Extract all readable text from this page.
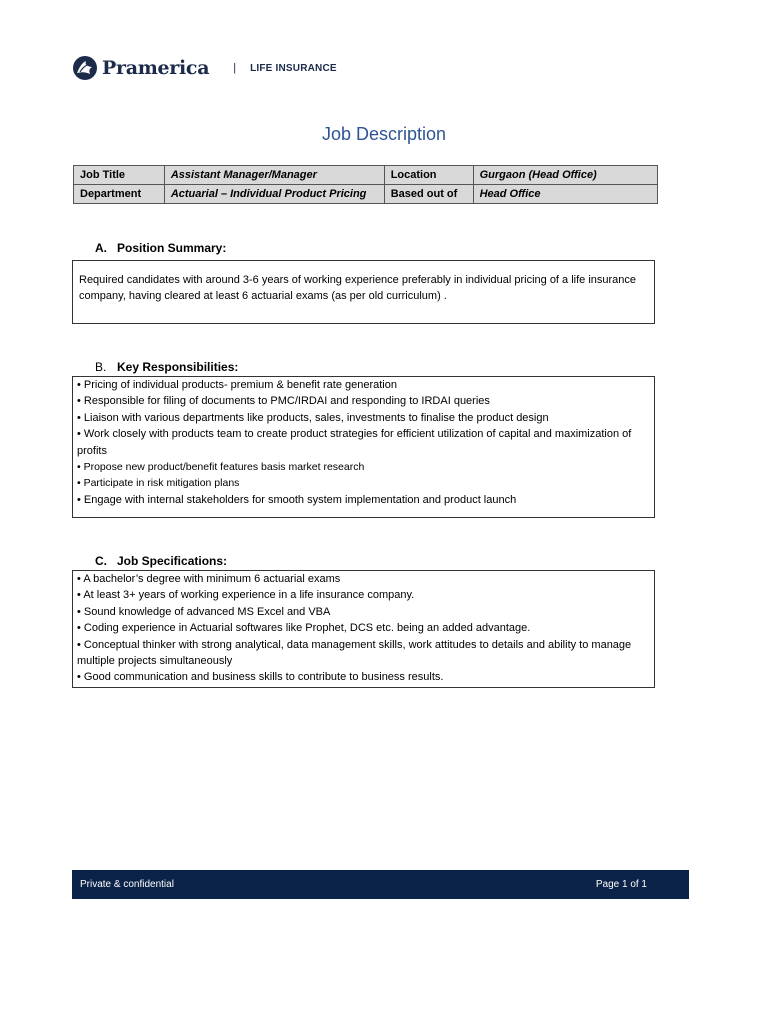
Pramerica | LIFE INSURANCE
Job Description
Job Title	Assistant Manager/Manager	Location	Gurgaon (Head Office)
Department	Actuarial – Individual Product Pricing	Based out of	Head Office
A. Position Summary:

Required candidates with around 3-6 years of working experience preferably in individual pricing of a life insurance company, having cleared at least 6 actuarial exams (as per old curriculum) .

B. Key Responsibilities:
• Pricing of individual products- premium & benefit rate generation
• Responsible for filing of documents to PMC/IRDAI and responding to IRDAI queries
• Liaison with various departments like products, sales, investments to finalise the product design
• Work closely with products team to create product strategies for efficient utilization of capital and maximization of profits
• Propose new product/benefit features basis market research
• Participate in risk mitigation plans
• Engage with internal stakeholders for smooth system implementation and product launch
C. Job Specifications:
• A bachelor’s degree with minimum 6 actuarial exams
• At least 3+ years of working experience in a life insurance company.
• Sound knowledge of advanced MS Excel and VBA
• Coding experience in Actuarial softwares like Prophet, DCS etc. being an added advantage.
• Conceptual thinker with strong analytical, data management skills, work attitudes to details and ability to manage multiple projects simultaneously
• Good communication and business skills to contribute to business results.
Private & confidential	Page 1 of 1
